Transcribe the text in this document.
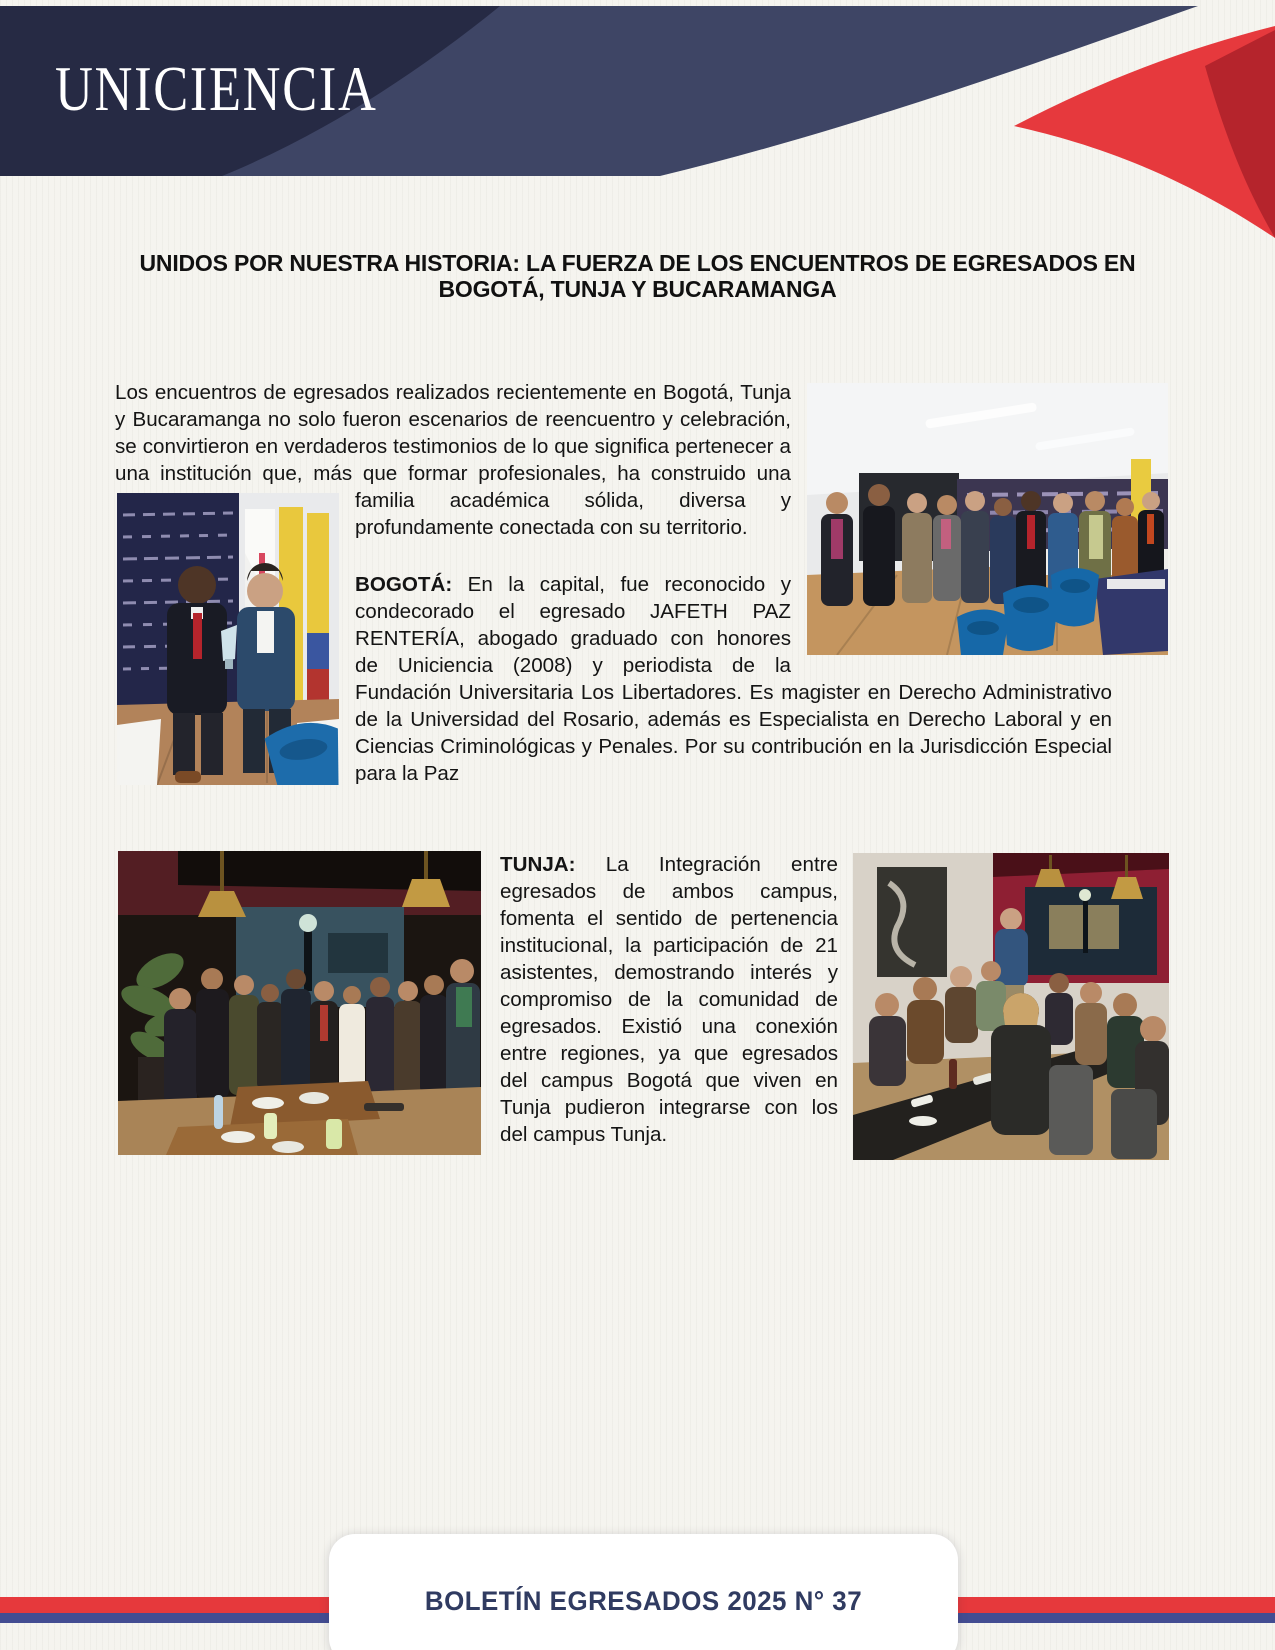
UNICIENCIA
UNIDOS POR NUESTRA HISTORIA: LA FUERZA DE LOS ENCUENTROS DE EGRESADOS EN
BOGOTÁ, TUNJA Y BUCARAMANGA

Los encuentros de egresados realizados recientemente en Bogotá, Tunja y Bucaramanga no solo fueron escenarios de reencuentro y celebración, se convirtieron en verdaderos testimonios de lo que significa pertenecer a una institución que, más que formar profesionales, ha construido una familia
académica sólida, diversa y profundamente conectada con su territorio.

BOGOTÁ: En la capital, fue reconocido y condecorado el egresado JAFETH PAZ RENTERÍA, abogado graduado con honores de Uniciencia (2008) y periodista de la Fundación Universitaria Los Libertadores. Es magister en Derecho Administrativo de la Universidad del Rosario, además es Especialista en Derecho Laboral y en Ciencias Criminológicas y Penales. Por su contribución en la Jurisdicción Especial para la Paz

TUNJA: La Integración entre egresados de ambos campus, fomenta el sentido de pertenencia institucional, la participación de 21 asistentes, demostrando interés y compromiso de la comunidad de egresados. Existió una conexión entre regiones, ya que egresados del campus Bogotá que viven en Tunja pudieron integrarse con los del campus Tunja.

BOLETÍN EGRESADOS 2025 N° 37
